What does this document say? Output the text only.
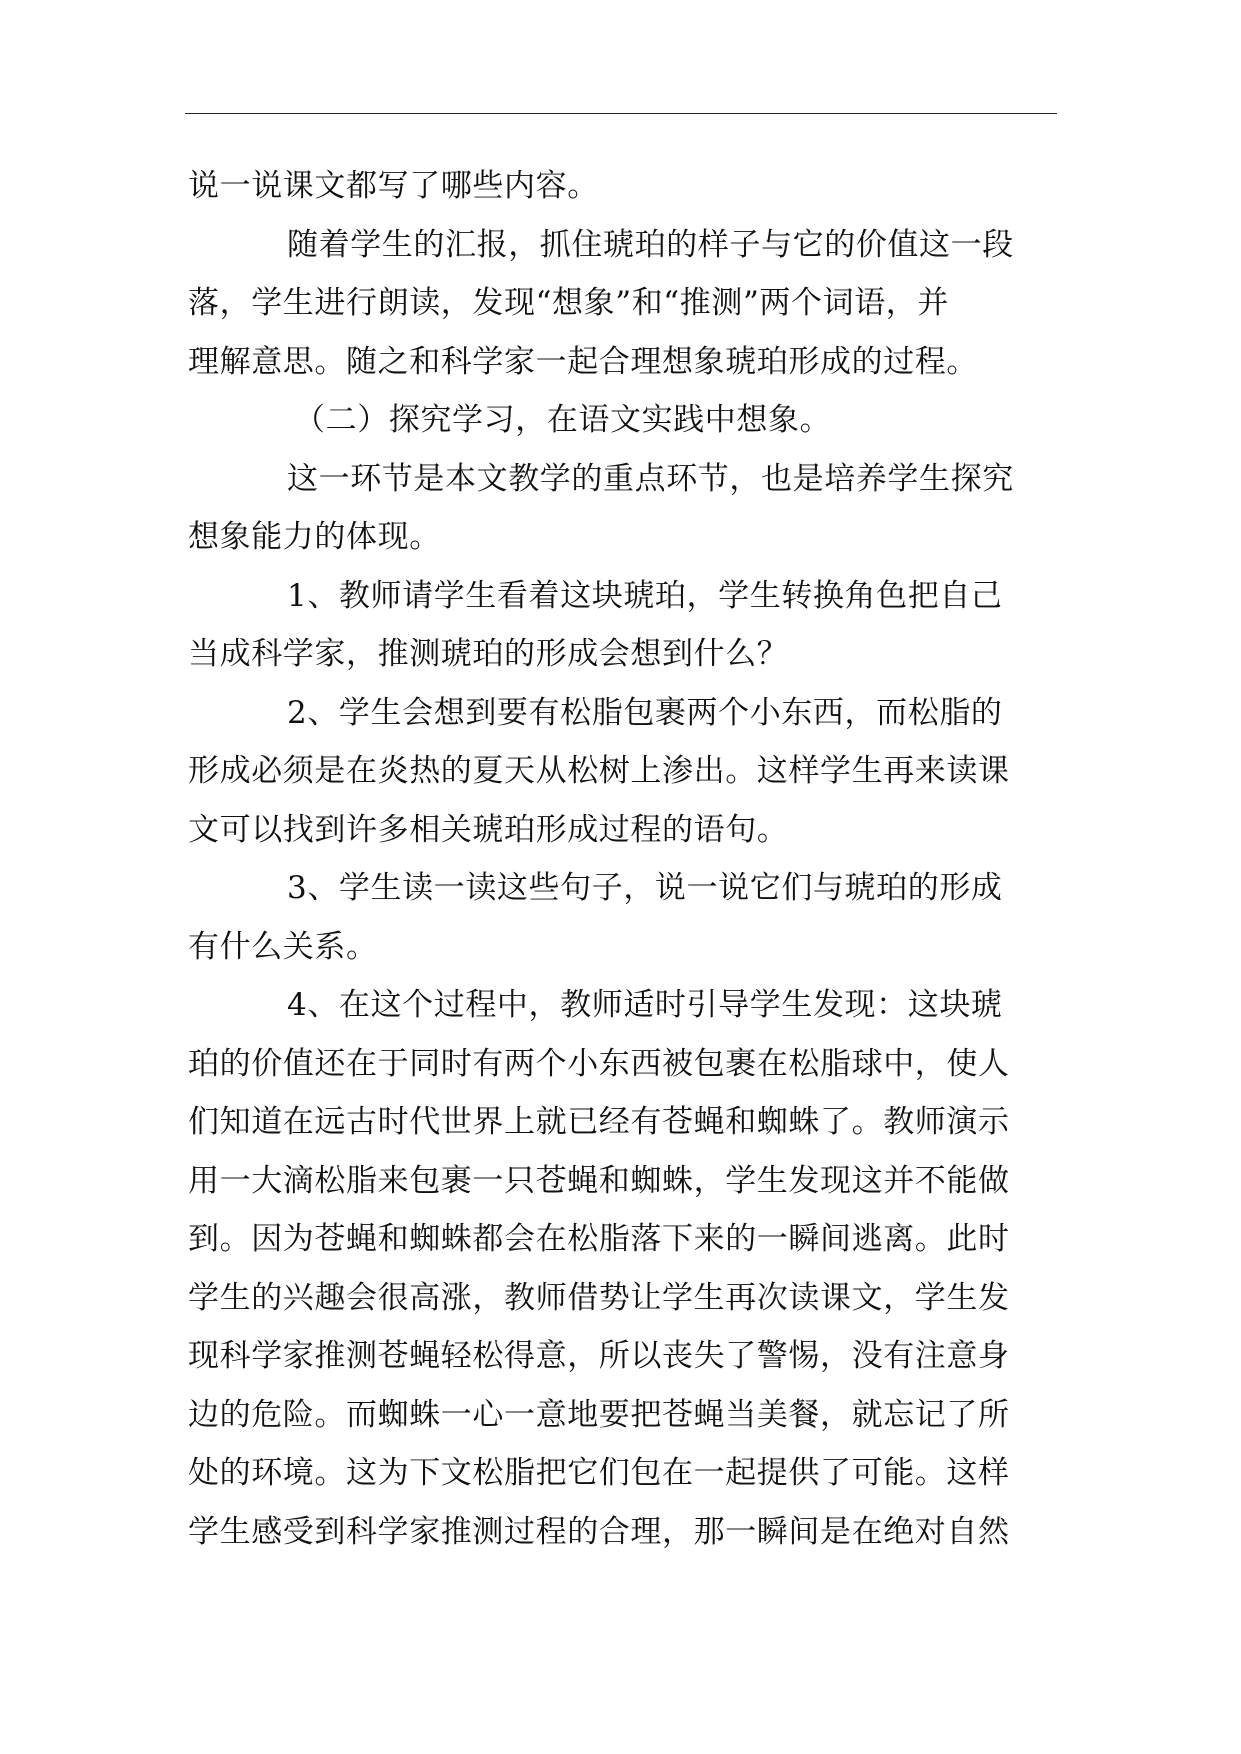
说一说课文都写了哪些内容。
随着学生的汇报，抓住琥珀的样子与它的价值这一段
落，学生进行朗读，发现“想象”和“推测”两个词语，并
理解意思。随之和科学家一起合理想象琥珀形成的过程。
（二）探究学习，在语文实践中想象。
这一环节是本文教学的重点环节，也是培养学生探究
想象能力的体现。
1、教师请学生看着这块琥珀，学生转换角色把自己
当成科学家，推测琥珀的形成会想到什么？
2、学生会想到要有松脂包裹两个小东西，而松脂的
形成必须是在炎热的夏天从松树上渗出。这样学生再来读课
文可以找到许多相关琥珀形成过程的语句。
3、学生读一读这些句子，说一说它们与琥珀的形成
有什么关系。
4、在这个过程中，教师适时引导学生发现：这块琥
珀的价值还在于同时有两个小东西被包裹在松脂球中，使人
们知道在远古时代世界上就已经有苍蝇和蜘蛛了。教师演示
用一大滴松脂来包裹一只苍蝇和蜘蛛，学生发现这并不能做
到。因为苍蝇和蜘蛛都会在松脂落下来的一瞬间逃离。此时
学生的兴趣会很高涨，教师借势让学生再次读课文，学生发
现科学家推测苍蝇轻松得意，所以丧失了警惕，没有注意身
边的危险。而蜘蛛一心一意地要把苍蝇当美餐，就忘记了所
处的环境。这为下文松脂把它们包在一起提供了可能。这样
学生感受到科学家推测过程的合理，那一瞬间是在绝对自然
